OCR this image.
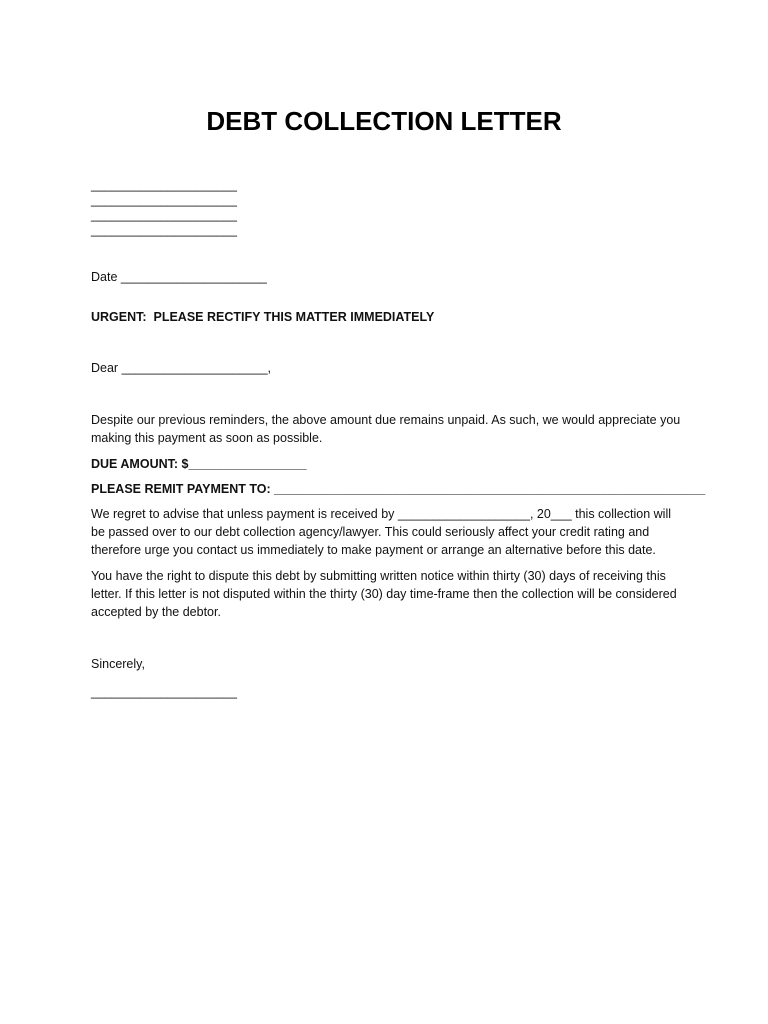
DEBT COLLECTION LETTER
_____________________
_____________________
_____________________
_____________________
Date _____________________
URGENT:  PLEASE RECTIFY THIS MATTER IMMEDIATELY
Dear _____________________,
Despite our previous reminders, the above amount due remains unpaid. As such, we would appreciate you making this payment as soon as possible.
DUE AMOUNT: $_________________
PLEASE REMIT PAYMENT TO: ______________________________________________________________
We regret to advise that unless payment is received by ___________________, 20___ this collection will be passed over to our debt collection agency/lawyer. This could seriously affect your credit rating and therefore urge you contact us immediately to make payment or arrange an alternative before this date.
You have the right to dispute this debt by submitting written notice within thirty (30) days of receiving this letter. If this letter is not disputed within the thirty (30) day time-frame then the collection will be considered accepted by the debtor.
Sincerely,
_____________________
